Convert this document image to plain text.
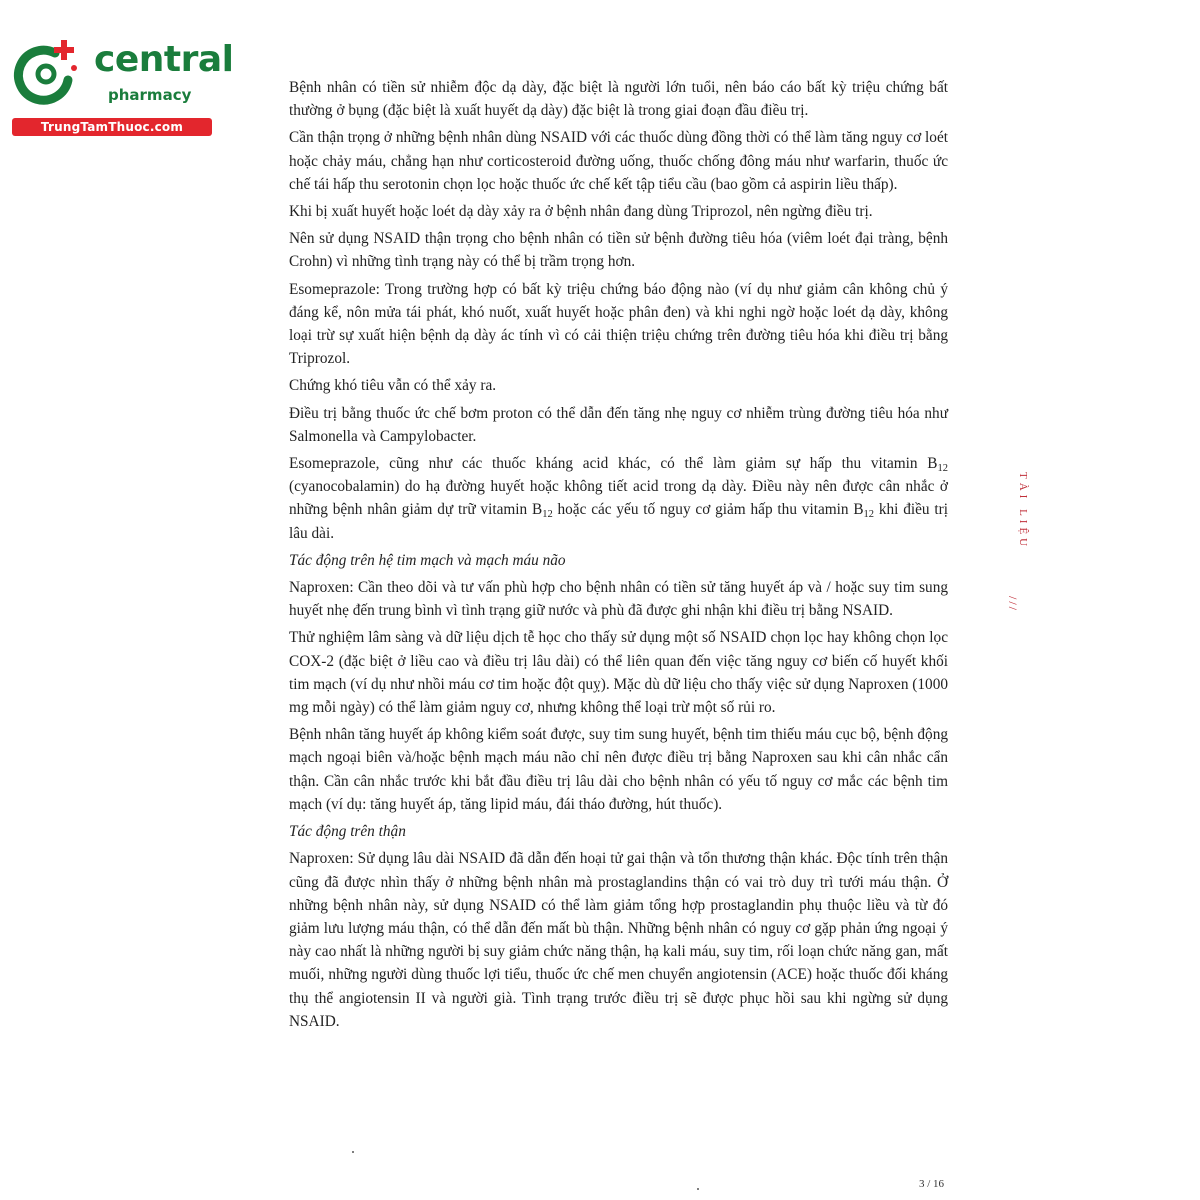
central
pharmacy
TrungTamThuoc.com

Bệnh nhân có tiền sử nhiễm độc dạ dày, đặc biệt là người lớn tuổi, nên báo cáo bất kỳ triệu chứng bất thường ở bụng (đặc biệt là xuất huyết dạ dày) đặc biệt là trong giai đoạn đầu điều trị.

Cần thận trọng ở những bệnh nhân dùng NSAID với các thuốc dùng đồng thời có thể làm tăng nguy cơ loét hoặc chảy máu, chẳng hạn như corticosteroid đường uống, thuốc chống đông máu như warfarin, thuốc ức chế tái hấp thu serotonin chọn lọc hoặc thuốc ức chế kết tập tiểu cầu (bao gồm cả aspirin liều thấp).

Khi bị xuất huyết hoặc loét dạ dày xảy ra ở bệnh nhân đang dùng Triprozol, nên ngừng điều trị.

Nên sử dụng NSAID thận trọng cho bệnh nhân có tiền sử bệnh đường tiêu hóa (viêm loét đại tràng, bệnh Crohn) vì những tình trạng này có thể bị trầm trọng hơn.

Esomeprazole: Trong trường hợp có bất kỳ triệu chứng báo động nào (ví dụ như giảm cân không chủ ý đáng kể, nôn mửa tái phát, khó nuốt, xuất huyết hoặc phân đen) và khi nghi ngờ hoặc loét dạ dày, không loại trừ sự xuất hiện bệnh dạ dày ác tính vì có cải thiện triệu chứng trên đường tiêu hóa khi điều trị bằng Triprozol.

Chứng khó tiêu vẫn có thể xảy ra.

Điều trị bằng thuốc ức chế bơm proton có thể dẫn đến tăng nhẹ nguy cơ nhiễm trùng đường tiêu hóa như Salmonella và Campylobacter.

Esomeprazole, cũng như các thuốc kháng acid khác, có thể làm giảm sự hấp thu vitamin $B_{12}$ (cyanocobalamin) do hạ đường huyết hoặc không tiết acid trong dạ dày. Điều này nên được cân nhắc ở những bệnh nhân giảm dự trữ vitamin $B_{12}$ hoặc các yếu tố nguy cơ giảm hấp thu vitamin $B_{12}$ khi điều trị lâu dài.

Tác động trên hệ tim mạch và mạch máu não

Naproxen: Cần theo dõi và tư vấn phù hợp cho bệnh nhân có tiền sử tăng huyết áp và / hoặc suy tim sung huyết nhẹ đến trung bình vì tình trạng giữ nước và phù đã được ghi nhận khi điều trị bằng NSAID.

Thử nghiệm lâm sàng và dữ liệu dịch tễ học cho thấy sử dụng một số NSAID chọn lọc hay không chọn lọc COX-2 (đặc biệt ở liều cao và điều trị lâu dài) có thể liên quan đến việc tăng nguy cơ biến cố huyết khối tim mạch (ví dụ như nhồi máu cơ tim hoặc đột quỵ). Mặc dù dữ liệu cho thấy việc sử dụng Naproxen (1000 mg mỗi ngày) có thể làm giảm nguy cơ, nhưng không thể loại trừ một số rủi ro.

Bệnh nhân tăng huyết áp không kiểm soát được, suy tim sung huyết, bệnh tim thiếu máu cục bộ, bệnh động mạch ngoại biên và/hoặc bệnh mạch máu não chỉ nên được điều trị bằng Naproxen sau khi cân nhắc cẩn thận. Cần cân nhắc trước khi bắt đầu điều trị lâu dài cho bệnh nhân có yếu tố nguy cơ mắc các bệnh tim mạch (ví dụ: tăng huyết áp, tăng lipid máu, đái tháo đường, hút thuốc).

Tác động trên thận

Naproxen: Sử dụng lâu dài NSAID đã dẫn đến hoại tử gai thận và tổn thương thận khác. Độc tính trên thận cũng đã được nhìn thấy ở những bệnh nhân mà prostaglandins thận có vai trò duy trì tưới máu thận. Ở những bệnh nhân này, sử dụng NSAID có thể làm giảm tổng hợp prostaglandin phụ thuộc liều và từ đó giảm lưu lượng máu thận, có thể dẫn đến mất bù thận. Những bệnh nhân có nguy cơ gặp phản ứng ngoại ý này cao nhất là những người bị suy giảm chức năng thận, hạ kali máu, suy tim, rối loạn chức năng gan, mất muối, những người dùng thuốc lợi tiểu, thuốc ức chế men chuyển angiotensin (ACE) hoặc thuốc đối kháng thụ thể angiotensin II và người già. Tình trạng trước điều trị sẽ được phục hồi sau khi ngừng sử dụng NSAID.

TÀI LIỆU
///
3 / 16
